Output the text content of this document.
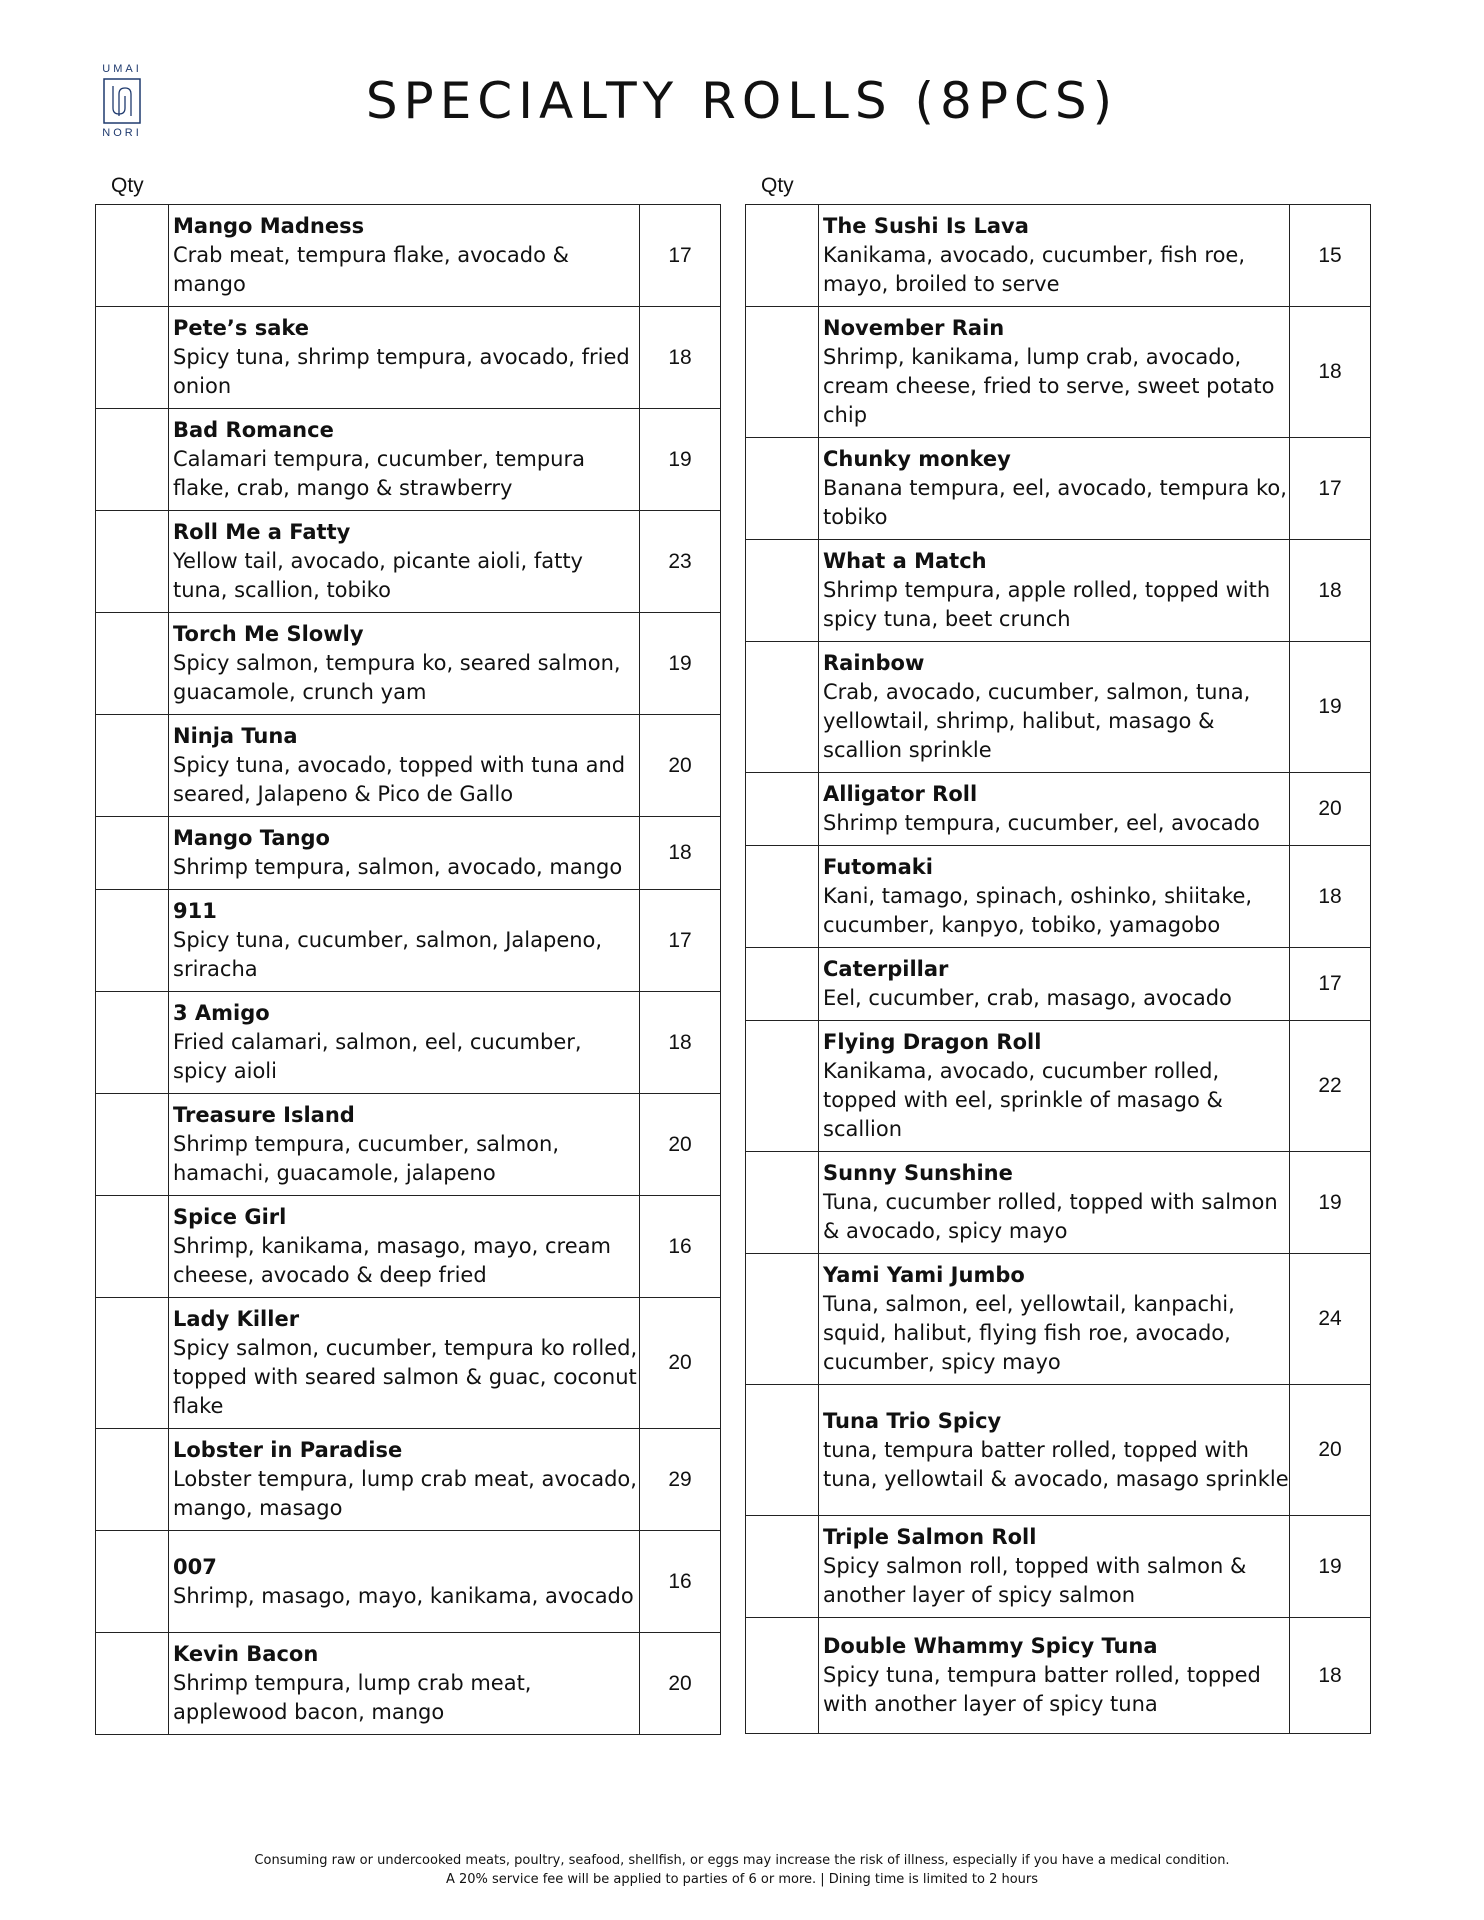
UMAI
NORI
SPECIALTY ROLLS (8PCS)
Qty	Qty

	Mango Madness
Crab meat, tempura flake, avocado & mango	17

	Pete’s sake
Spicy tuna, shrimp tempura, avocado, fried onion	18

	Bad Romance
Calamari tempura, cucumber, tempura flake, crab, mango & strawberry	19

	Roll Me a Fatty
Yellow tail, avocado, picante aioli, fatty tuna, scallion, tobiko	23

	Torch Me Slowly
Spicy salmon, tempura ko, seared salmon, guacamole, crunch yam	19

	Ninja Tuna
Spicy tuna, avocado, topped with tuna and seared, Jalapeno & Pico de Gallo	20

	Mango Tango
Shrimp tempura, salmon, avocado, mango	18

	911
Spicy tuna, cucumber, salmon, Jalapeno, sriracha	17

	3 Amigo
Fried calamari, salmon, eel, cucumber, spicy aioli	18

	Treasure Island
Shrimp tempura, cucumber, salmon, hamachi, guacamole, jalapeno	20

	Spice Girl
Shrimp, kanikama, masago, mayo, cream cheese, avocado & deep fried	16

	Lady Killer
Spicy salmon, cucumber, tempura ko rolled, topped with seared salmon & guac, coconut flake	20

	Lobster in Paradise
Lobster tempura, lump crab meat, avocado, mango, masago	29

	007
Shrimp, masago, mayo, kanikama, avocado	16

	Kevin Bacon
Shrimp tempura, lump crab meat, applewood bacon, mango	20

	The Sushi Is Lava
Kanikama, avocado, cucumber, fish roe, mayo, broiled to serve	15

	November Rain
Shrimp, kanikama, lump crab, avocado, cream cheese, fried to serve, sweet potato chip	18

	Chunky monkey
Banana tempura, eel, avocado, tempura ko, tobiko	17

	What a Match
Shrimp tempura, apple rolled, topped with spicy tuna, beet crunch	18

	Rainbow
Crab, avocado, cucumber, salmon, tuna, yellowtail, shrimp, halibut, masago & scallion sprinkle	19

	Alligator Roll
Shrimp tempura, cucumber, eel, avocado	20

	Futomaki
Kani, tamago, spinach, oshinko, shiitake, cucumber, kanpyo, tobiko, yamagobo	18

	Caterpillar
Eel, cucumber, crab, masago, avocado	17

	Flying Dragon Roll
Kanikama, avocado, cucumber rolled, topped with eel, sprinkle of masago & scallion	22

	Sunny Sunshine
Tuna, cucumber rolled, topped with salmon & avocado, spicy mayo	19

	Yami Yami Jumbo
Tuna, salmon, eel, yellowtail, kanpachi, squid, halibut, flying fish roe, avocado, cucumber, spicy mayo	24

	Tuna Trio Spicy
tuna, tempura batter rolled, topped with tuna, yellowtail & avocado, masago sprinkle	20

	Triple Salmon Roll
Spicy salmon roll, topped with salmon & another layer of spicy salmon	19

	Double Whammy Spicy Tuna
Spicy tuna, tempura batter rolled, topped with another layer of spicy tuna	18
Consuming raw or undercooked meats, poultry, seafood, shellfish, or eggs may increase the risk of illness, especially if you have a medical condition.
A 20% service fee will be applied to parties of 6 or more. | Dining time is limited to 2 hours
